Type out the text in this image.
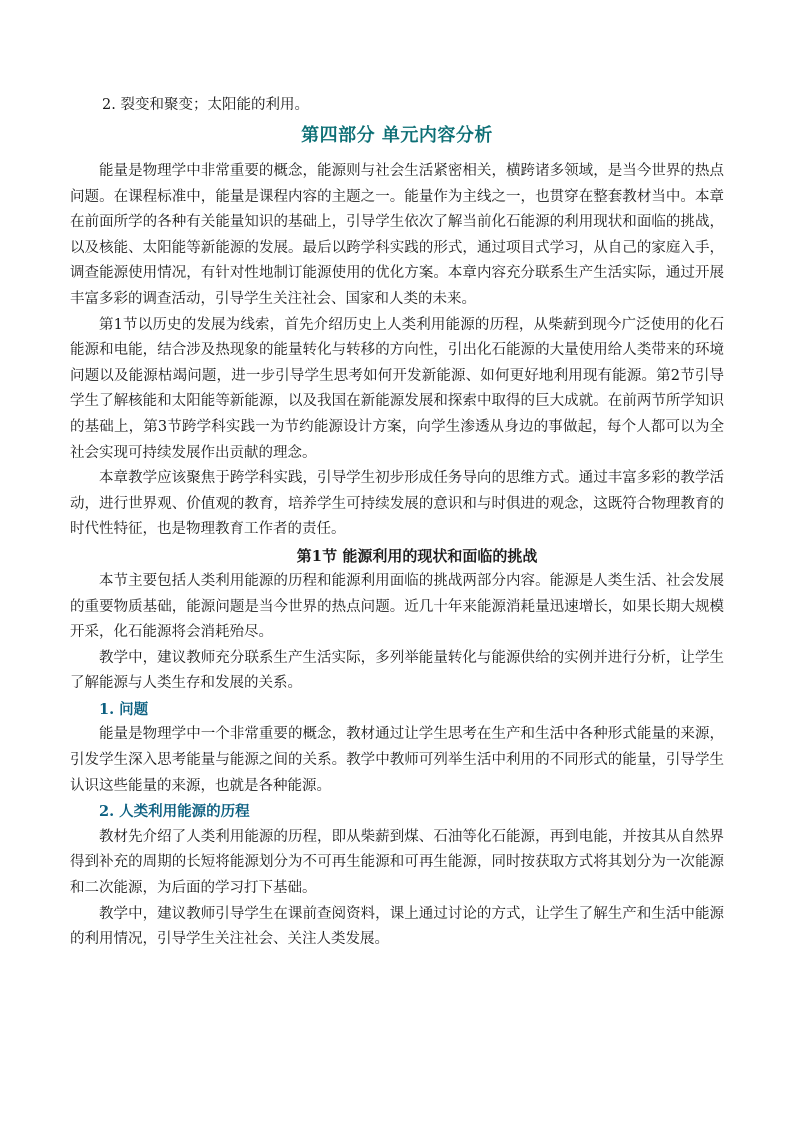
2. 裂变和聚变；太阳能的利用。

第四部分 单元内容分析

能量是物理学中非常重要的概念，能源则与社会生活紧密相关，横跨诸多领域，是当今世界的热点问题。在课程标准中，能量是课程内容的主题之一。能量作为主线之一，也贯穿在整套教材当中。本章在前面所学的各种有关能量知识的基础上，引导学生依次了解当前化石能源的利用现状和面临的挑战，以及核能、太阳能等新能源的发展。最后以跨学科实践的形式，通过项目式学习，从自己的家庭入手，调查能源使用情况，有针对性地制订能源使用的优化方案。本章内容充分联系生产生活实际，通过开展丰富多彩的调查活动，引导学生关注社会、国家和人类的未来。

第1节以历史的发展为线索，首先介绍历史上人类利用能源的历程，从柴薪到现今广泛使用的化石能源和电能，结合涉及热现象的能量转化与转移的方向性，引出化石能源的大量使用给人类带来的环境问题以及能源枯竭问题，进一步引导学生思考如何开发新能源、如何更好地利用现有能源。第2节引导学生了解核能和太阳能等新能源，以及我国在新能源发展和探索中取得的巨大成就。在前两节所学知识的基础上，第3节跨学科实践一为节约能源设计方案，向学生渗透从身边的事做起，每个人都可以为全社会实现可持续发展作出贡献的理念。

本章教学应该聚焦于跨学科实践，引导学生初步形成任务导向的思维方式。通过丰富多彩的教学活动，进行世界观、价值观的教育，培养学生可持续发展的意识和与时俱进的观念，这既符合物理教育的时代性特征，也是物理教育工作者的责任。

第1节 能源利用的现状和面临的挑战

本节主要包括人类利用能源的历程和能源利用面临的挑战两部分内容。能源是人类生活、社会发展的重要物质基础，能源问题是当今世界的热点问题。近几十年来能源消耗量迅速增长，如果长期大规模开采，化石能源将会消耗殆尽。

教学中，建议教师充分联系生产生活实际，多列举能量转化与能源供给的实例并进行分析，让学生了解能源与人类生存和发展的关系。

1. 问题

能量是物理学中一个非常重要的概念，教材通过让学生思考在生产和生活中各种形式能量的来源，引发学生深入思考能量与能源之间的关系。教学中教师可列举生活中利用的不同形式的能量，引导学生认识这些能量的来源，也就是各种能源。

2. 人类利用能源的历程

教材先介绍了人类利用能源的历程，即从柴薪到煤、石油等化石能源，再到电能，并按其从自然界得到补充的周期的长短将能源划分为不可再生能源和可再生能源，同时按获取方式将其划分为一次能源和二次能源，为后面的学习打下基础。

教学中，建议教师引导学生在课前查阅资料，课上通过讨论的方式，让学生了解生产和生活中能源的利用情况，引导学生关注社会、关注人类发展。
